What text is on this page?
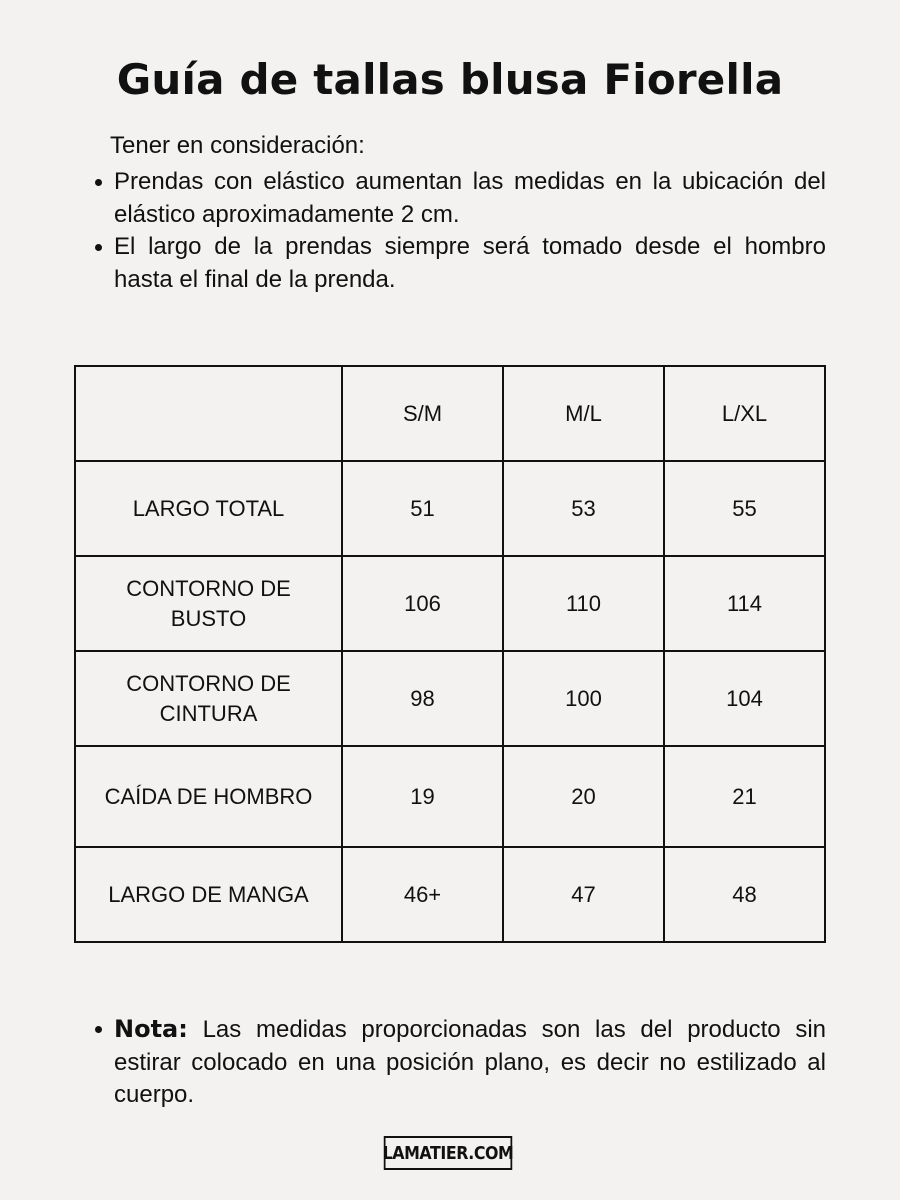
Guía de tallas blusa Fiorella

Tener en consideración:

Prendas con elástico aumentan las medidas en la ubicación del elástico aproximadamente 2 cm.
El largo de la prendas siempre será tomado desde el hombro hasta el final de la prenda.
	S/M	M/L	L/XL
LARGO TOTAL	51	53	55
CONTORNO DE BUSTO	106	110	114
CONTORNO DE CINTURA	98	100	104
CAÍDA DE HOMBRO	19	20	21
LARGO DE MANGA	46+	47	48
Nota: Las medidas proporcionadas son las del producto sin estirar colocado en una posición plano, es decir no estilizado al cuerpo.
LAMATIER.COM
